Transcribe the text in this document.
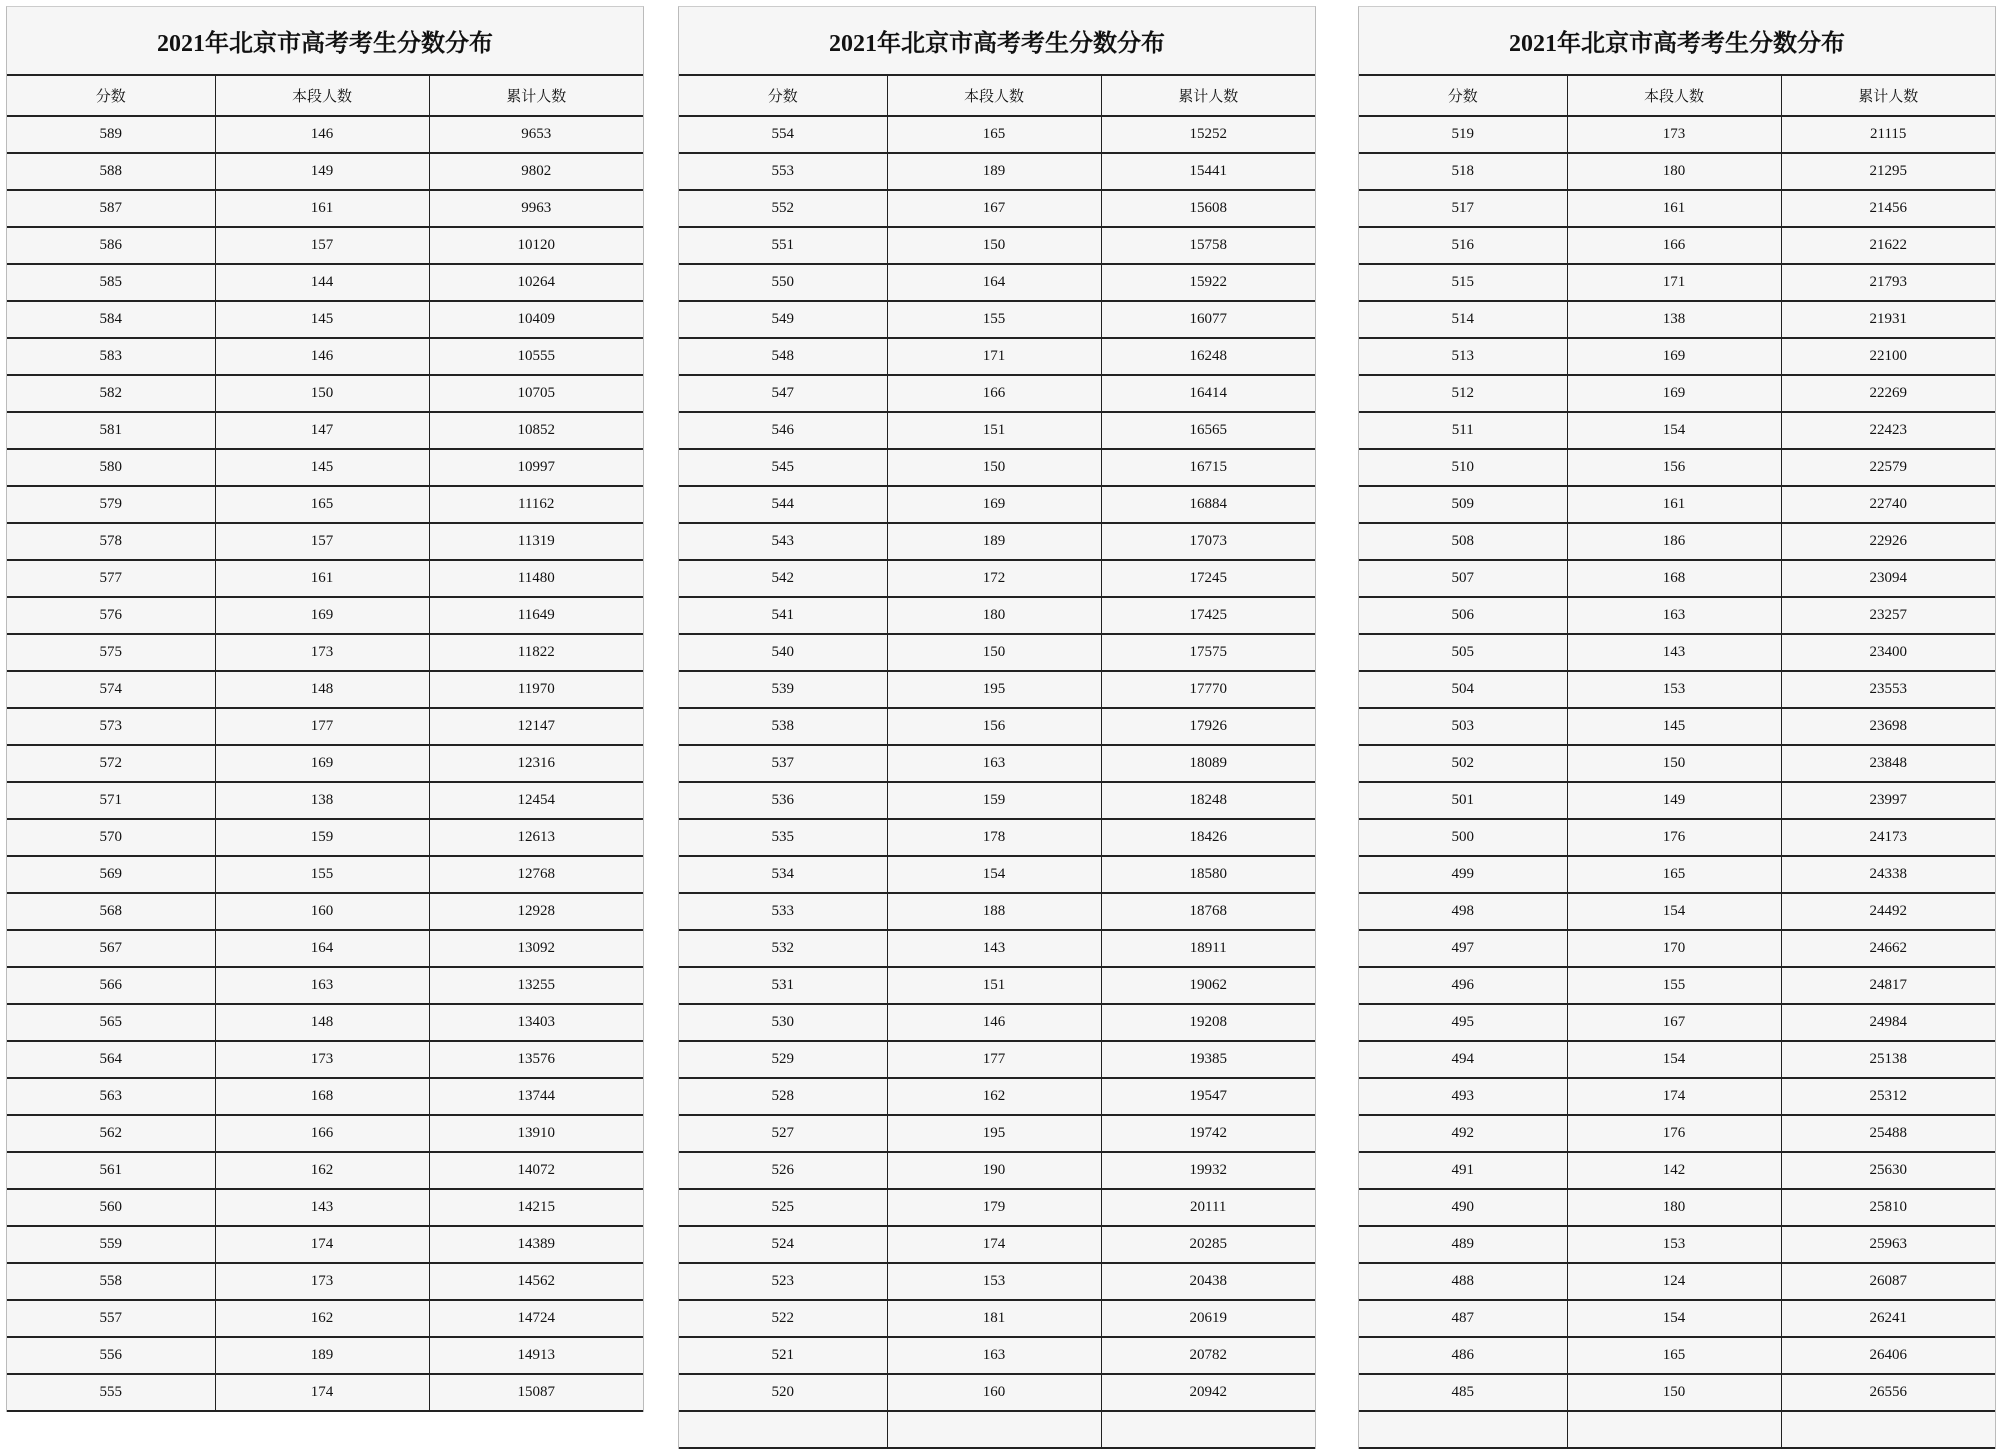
2021年北京市高考考生分数分布
分数	本段人数	累计人数
589	146	9653
588	149	9802
587	161	9963
586	157	10120
585	144	10264
584	145	10409
583	146	10555
582	150	10705
581	147	10852
580	145	10997
579	165	11162
578	157	11319
577	161	11480
576	169	11649
575	173	11822
574	148	11970
573	177	12147
572	169	12316
571	138	12454
570	159	12613
569	155	12768
568	160	12928
567	164	13092
566	163	13255
565	148	13403
564	173	13576
563	168	13744
562	166	13910
561	162	14072
560	143	14215
559	174	14389
558	173	14562
557	162	14724
556	189	14913
555	174	15087
2021年北京市高考考生分数分布
分数	本段人数	累计人数
554	165	15252
553	189	15441
552	167	15608
551	150	15758
550	164	15922
549	155	16077
548	171	16248
547	166	16414
546	151	16565
545	150	16715
544	169	16884
543	189	17073
542	172	17245
541	180	17425
540	150	17575
539	195	17770
538	156	17926
537	163	18089
536	159	18248
535	178	18426
534	154	18580
533	188	18768
532	143	18911
531	151	19062
530	146	19208
529	177	19385
528	162	19547
527	195	19742
526	190	19932
525	179	20111
524	174	20285
523	153	20438
522	181	20619
521	163	20782
520	160	20942

2021年北京市高考考生分数分布
分数	本段人数	累计人数
519	173	21115
518	180	21295
517	161	21456
516	166	21622
515	171	21793
514	138	21931
513	169	22100
512	169	22269
511	154	22423
510	156	22579
509	161	22740
508	186	22926
507	168	23094
506	163	23257
505	143	23400
504	153	23553
503	145	23698
502	150	23848
501	149	23997
500	176	24173
499	165	24338
498	154	24492
497	170	24662
496	155	24817
495	167	24984
494	154	25138
493	174	25312
492	176	25488
491	142	25630
490	180	25810
489	153	25963
488	124	26087
487	154	26241
486	165	26406
485	150	26556
